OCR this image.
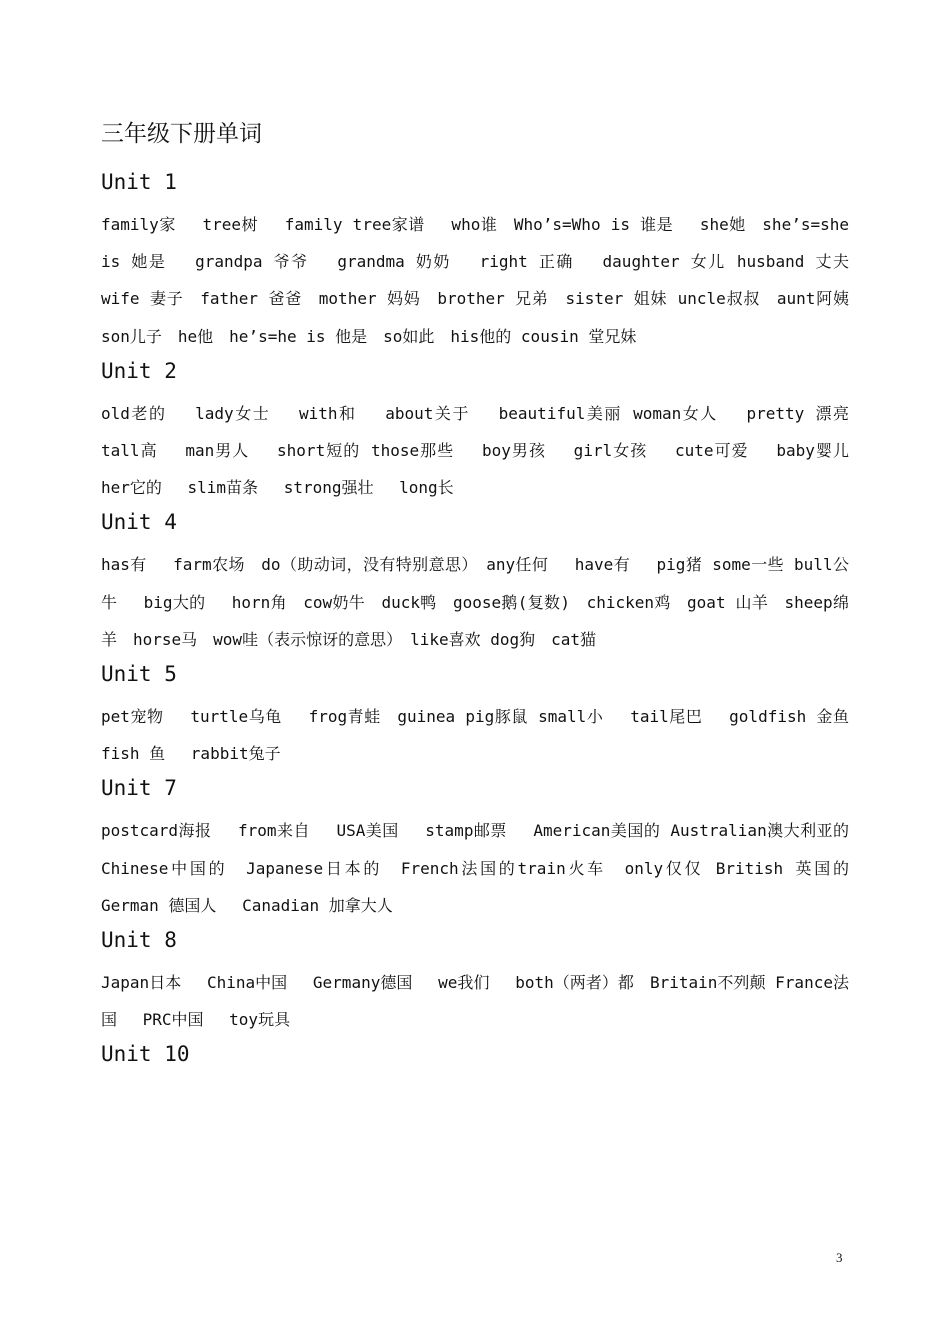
三年级下册单词
Unit 1

family家　 tree树　 family tree家谱　 who谁　Who’s=Who is 谁是　 she她　she’s=she is 她是　 grandpa 爷爷　 grandma 奶奶　 right 正确　 daughter 女儿 husband 丈夫　wife 妻子　father 爸爸　mother 妈妈　brother 兄弟　sister 姐妹 uncle叔叔　aunt阿姨　son儿子　he他　he’s=he is 他是　so如此　his他的 cousin 堂兄妹

Unit 2

old老的　 lady女士　 with和　 about关于　 beautiful美丽 woman女人　 pretty 漂亮　 tall高　 man男人　 short短的 those那些　 boy男孩　 girl女孩　 cute可爱　 baby婴儿　 her它的　 slim苗条　 strong强壮　 long长

Unit 4

has有　 farm农场　do（助动词，没有特别意思）　any任何　 have有　 pig猪 some一些 bull公牛　 big大的　 horn角　cow奶牛　duck鸭　goose鹅(复数)　chicken鸡　goat 山羊　sheep绵羊　horse马　wow哇（表示惊讶的意思）　like喜欢 dog狗　cat猫

Unit 5

pet宠物　 turtle乌龟　 frog青蛙　guinea pig豚鼠 small小　 tail尾巴　 goldfish 金鱼　 fish 鱼　 rabbit兔子

Unit 7

postcard海报　 from来自　 USA美国　 stamp邮票　 American美国的 Australian澳大利亚的　Chinese中国的　Japanese日本的　French法国的train火车　only仅仅 British 英国的　 German 德国人　 Canadian 加拿大人

Unit 8

Japan日本　 China中国　 Germany德国　 we我们　 both（两者）都　Britain不列颠 France法国　 PRC中国　 toy玩具

Unit 10
3
